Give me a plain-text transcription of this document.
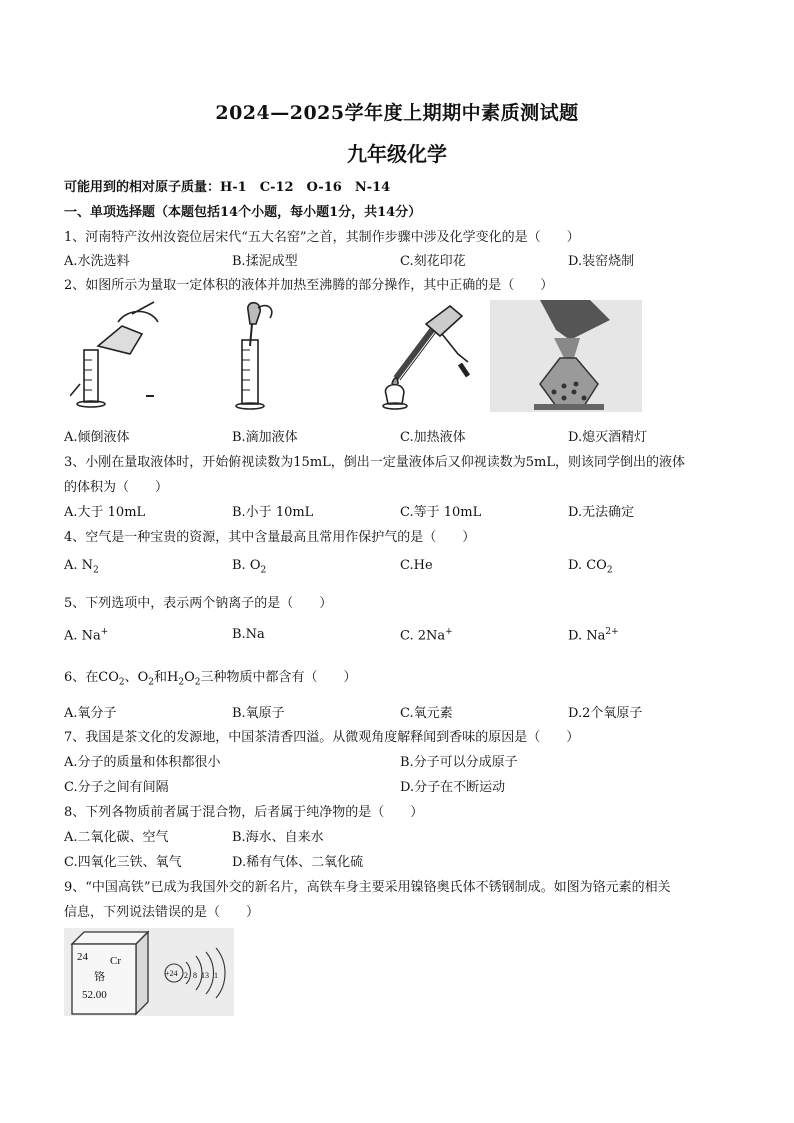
2024—2025学年度上期期中素质测试题
九年级化学
可能用到的相对原子质量：H-1　C-12　O-16　N-14
一、单项选择题（本题包括14个小题，每小题1分，共14分）
1、河南特产汝州汝瓷位居宋代“五大名窑”之首，其制作步骤中涉及化学变化的是（　　）
A.水洗选料	B.揉泥成型	C.刻花印花	D.装窑烧制
2、如图所示为量取一定体积的液体并加热至沸腾的部分操作，其中正确的是（　　）
A.倾倒液体	B.滴加液体	C.加热液体	D.熄灭酒精灯
3、小刚在量取液体时，开始俯视读数为15mL，倒出一定量液体后又仰视读数为5mL，则该同学倒出的液体
的体积为（　　）
A.大于 10mL	B.小于 10mL	C.等于 10mL	D.无法确定
4、空气是一种宝贵的资源，其中含量最高且常用作保护气的是（　　）
A. $N_2$	B. $O_2$	C.He	D. $CO_2$
5、下列选项中，表示两个钠离子的是（　　）
A. Na+	B.Na	C. 2Na+	D. $Na^{2+}$
6、在$CO_2$、$O_2$和$H_2O_2$三种物质中都含有（　　）
A.氧分子	B.氧原子	C.氧元素	D.2个氧原子
7、我国是茶文化的发源地，中国茶清香四溢。从微观角度解释闻到香味的原因是（　　）
A.分子的质量和体积都很小	B.分子可以分成原子
C.分子之间有间隔	D.分子在不断运动
8、下列各物质前者属于混合物，后者属于纯净物的是（　　）
A.二氧化碳、空气	B.海水、自来水
C.四氧化三铁、氧气	D.稀有气体、二氧化硫
9、“中国高铁”已成为我国外交的新名片，高铁车身主要采用镍铬奥氏体不锈钢制成。如图为铬元素的相关
信息，下列说法错误的是（　　）
24 Cr
铬
52.00
+24 2 8 13 1
